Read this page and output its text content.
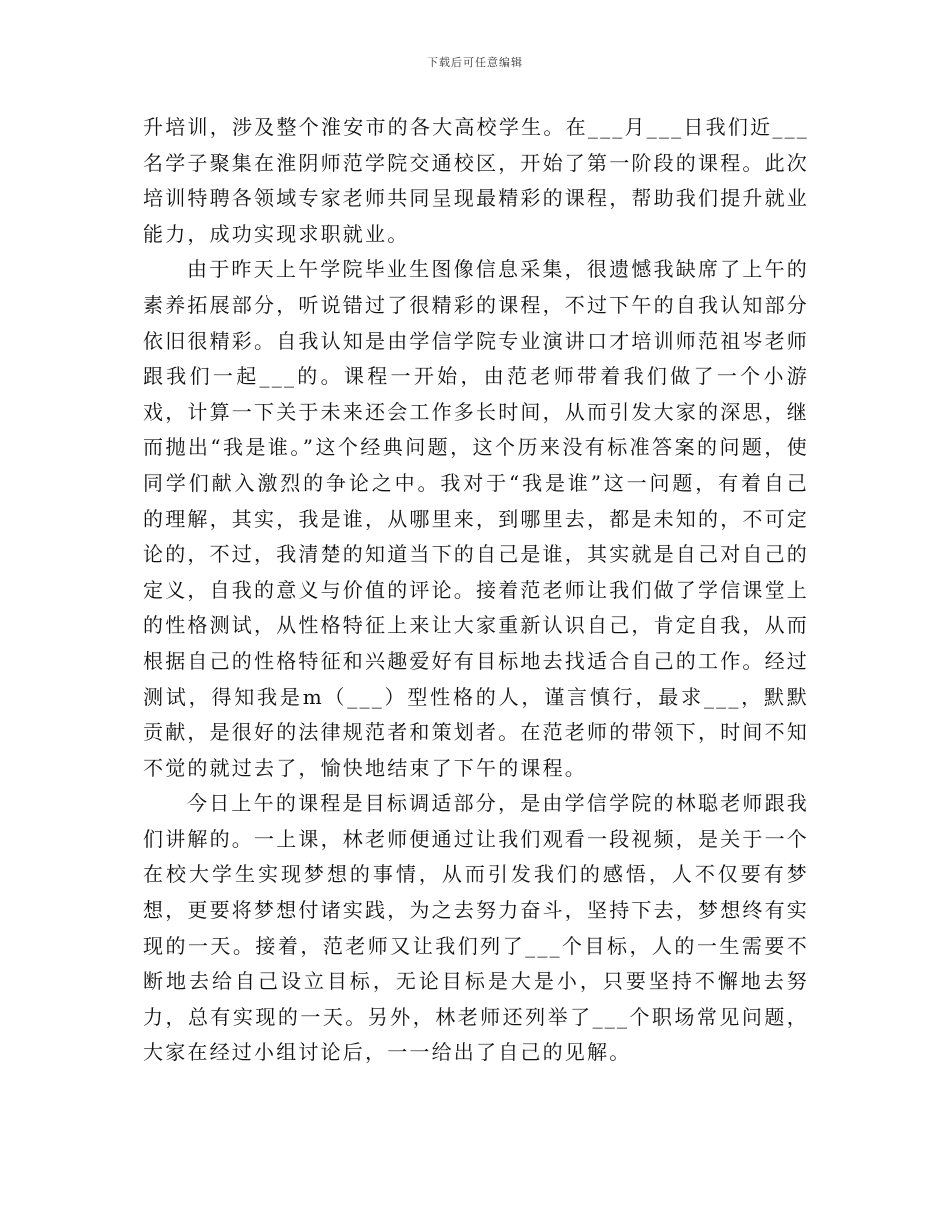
下载后可任意编辑

升培训，涉及整个淮安市的各大高校学生。在___月___日我们近___名学子聚集在淮阴师范学院交通校区，开始了第一阶段的课程。此次培训特聘各领域专家老师共同呈现最精彩的课程，帮助我们提升就业能力，成功实现求职就业。

由于昨天上午学院毕业生图像信息采集，很遗憾我缺席了上午的素养拓展部分，听说错过了很精彩的课程，不过下午的自我认知部分依旧很精彩。自我认知是由学信学院专业演讲口才培训师范祖岑老师跟我们一起___的。课程一开始，由范老师带着我们做了一个小游戏，计算一下关于未来还会工作多长时间，从而引发大家的深思，继而抛出“我是谁。”这个经典问题，这个历来没有标准答案的问题，使同学们献入激烈的争论之中。我对于“我是谁”这一问题，有着自己的理解，其实，我是谁，从哪里来，到哪里去，都是未知的，不可定论的，不过，我清楚的知道当下的自己是谁，其实就是自己对自己的定义，自我的意义与价值的评论。接着范老师让我们做了学信课堂上的性格测试，从性格特征上来让大家重新认识自己，肯定自我，从而根据自己的性格特征和兴趣爱好有目标地去找适合自己的工作。经过测试，得知我是m（___）型性格的人，谨言慎行，最求___，默默贡献，是很好的法律规范者和策划者。在范老师的带领下，时间不知不觉的就过去了，愉快地结束了下午的课程。

今日上午的课程是目标调适部分，是由学信学院的林聪老师跟我们讲解的。一上课，林老师便通过让我们观看一段视频，是关于一个在校大学生实现梦想的事情，从而引发我们的感悟，人不仅要有梦想，更要将梦想付诸实践，为之去努力奋斗，坚持下去，梦想终有实现的一天。接着，范老师又让我们列了___个目标，人的一生需要不断地去给自己设立目标，无论目标是大是小，只要坚持不懈地去努力，总有实现的一天。另外，林老师还列举了___个职场常见问题，大家在经过小组讨论后，一一给出了自己的见解。
